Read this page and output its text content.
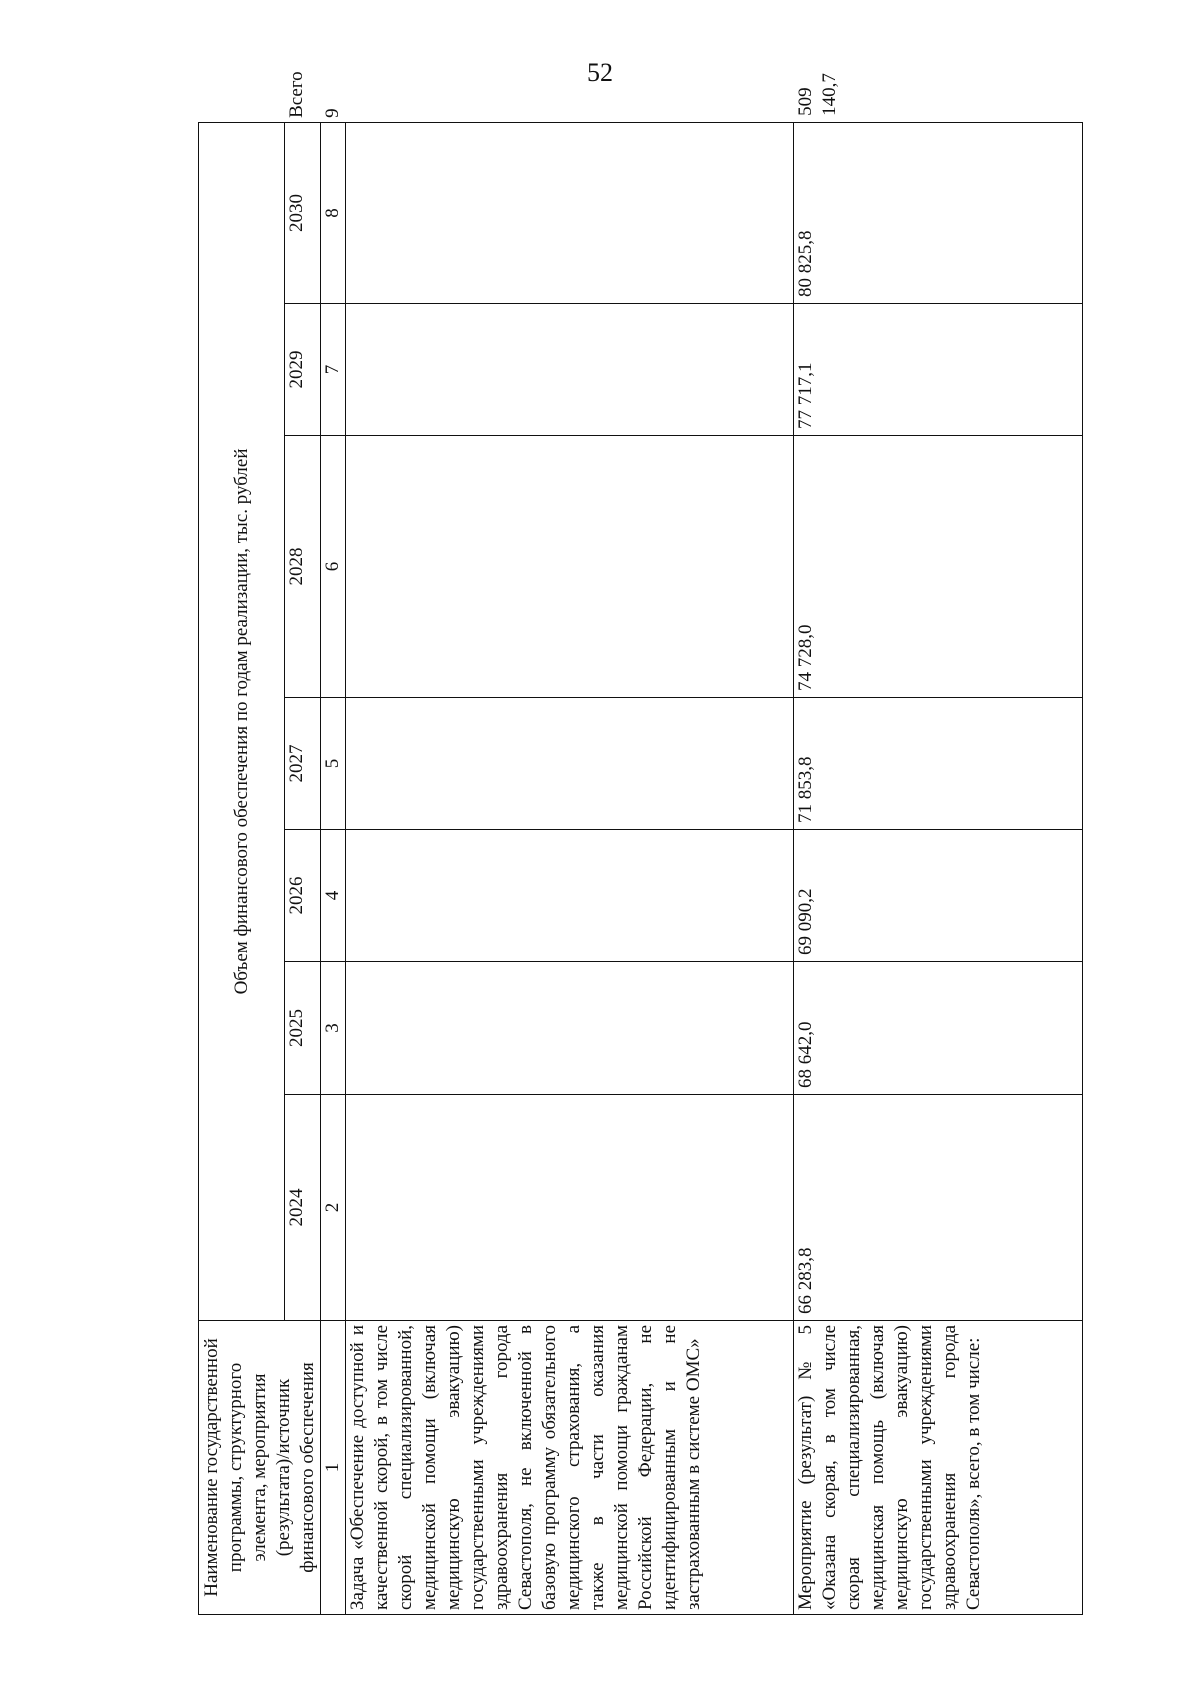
52
Наименование государственной программы, структурного элемента, мероприятия (результата)/источник финансового обеспечения	Объем финансового обеспечения по годам реализации, тыс. рублей							
	2024	2025	2026	2027	2028	2029	2030	Всего
1	2	3	4	5	6	7	8	9
Задача «Обеспечение доступной и качественной скорой, в том числе скорой специализированной, медицинской помощи (включая медицинскую эвакуацию) государственными учреждениями здравоохранения города Севастополя, не включенной в базовую программу обязательного медицинского страхования, а также в части оказания медицинской помощи гражданам Российской Федерации, не идентифицированным и не застрахованным в системе ОМС»								
Мероприятие (результат) № 5 «Оказана скорая, в том числе скорая специализированная, медицинская помощь (включая медицинскую эвакуацию) государственными учреждениями здравоохранения города Севастополя», всего, в том числе:	66 283,8	68 642,0	69 090,2	71 853,8	74 728,0	77 717,1	80 825,8	509 140,7
